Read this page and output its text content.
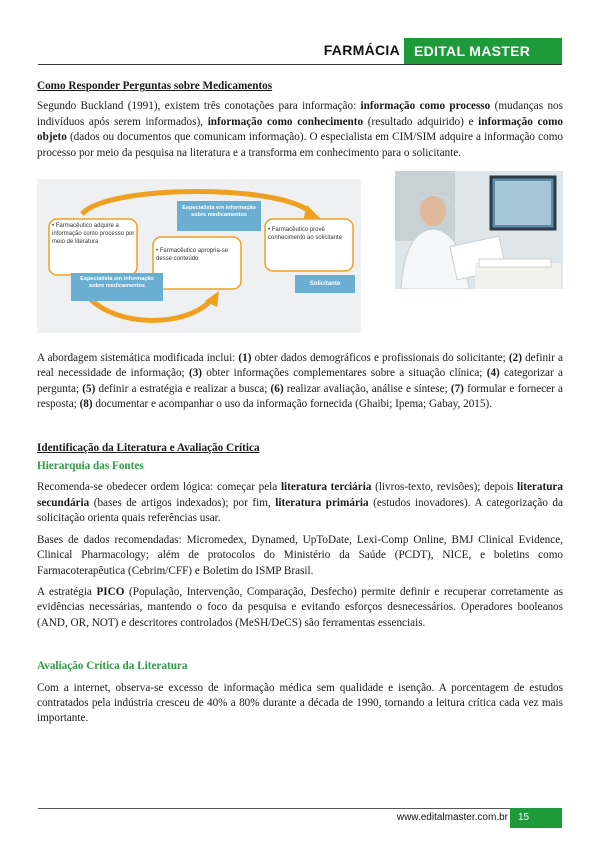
FARMÁCIA	EDITAL MASTER
Como Responder Perguntas sobre Medicamentos

Segundo Buckland (1991), existem três conotações para informação: informação como processo (mudanças nos indivíduos após serem informados), informação como conhecimento (resultado adquirido) e informação como objeto (dados ou documentos que comunicam informação). O especialista em CIM/SIM adquire a informação como processo por meio da pesquisa na literatura e a transforma em conhecimento para o solicitante.

• Farmacêutico adquire a informação como processo por meio de literatura
• Farmacêutico apropria-se desse conteúdo
• Farmacêutico provê conhecimento ao solicitante
Especialista em informação sobre medicamentos
Especialista em informação sobre medicamentos
Solicitante

A abordagem sistemática modificada inclui: (1) obter dados demográficos e profissionais do solicitante; (2) definir a real necessidade de informação; (3) obter informações complementares sobre a situação clínica; (4) categorizar a pergunta; (5) definir a estratégia e realizar a busca; (6) realizar avaliação, análise e síntese; (7) formular e fornecer a resposta; (8) documentar e acompanhar o uso da informação fornecida (Ghaibi; Ipema; Gabay, 2015).

Identificação da Literatura e Avaliação Crítica
Hierarquia das Fontes

Recomenda-se obedecer ordem lógica: começar pela literatura terciária (livros-texto, revisões); depois literatura secundária (bases de artigos indexados); por fim, literatura primária (estudos inovadores). A categorização da solicitação orienta quais referências usar.

Bases de dados recomendadas: Micromedex, Dynamed, UpToDate, Lexi-Comp Online, BMJ Clinical Evidence, Clinical Pharmacology; além de protocolos do Ministério da Saúde (PCDT), NICE, e boletins como Farmacoterapêutica (Cebrim/CFF) e Boletim do ISMP Brasil.

A estratégia PICO (População, Intervenção, Comparação, Desfecho) permite definir e recuperar corretamente as evidências necessárias, mantendo o foco da pesquisa e evitando esforços desnecessários. Operadores booleanos (AND, OR, NOT) e descritores controlados (MeSH/DeCS) são ferramentas essenciais.

Avaliação Crítica da Literatura

Com a internet, observa-se excesso de informação médica sem qualidade e isenção. A porcentagem de estudos contratados pela indústria cresceu de 40% a 80% durante a década de 1990, tornando a leitura crítica cada vez mais importante.

www.editalmaster.com.br	15
